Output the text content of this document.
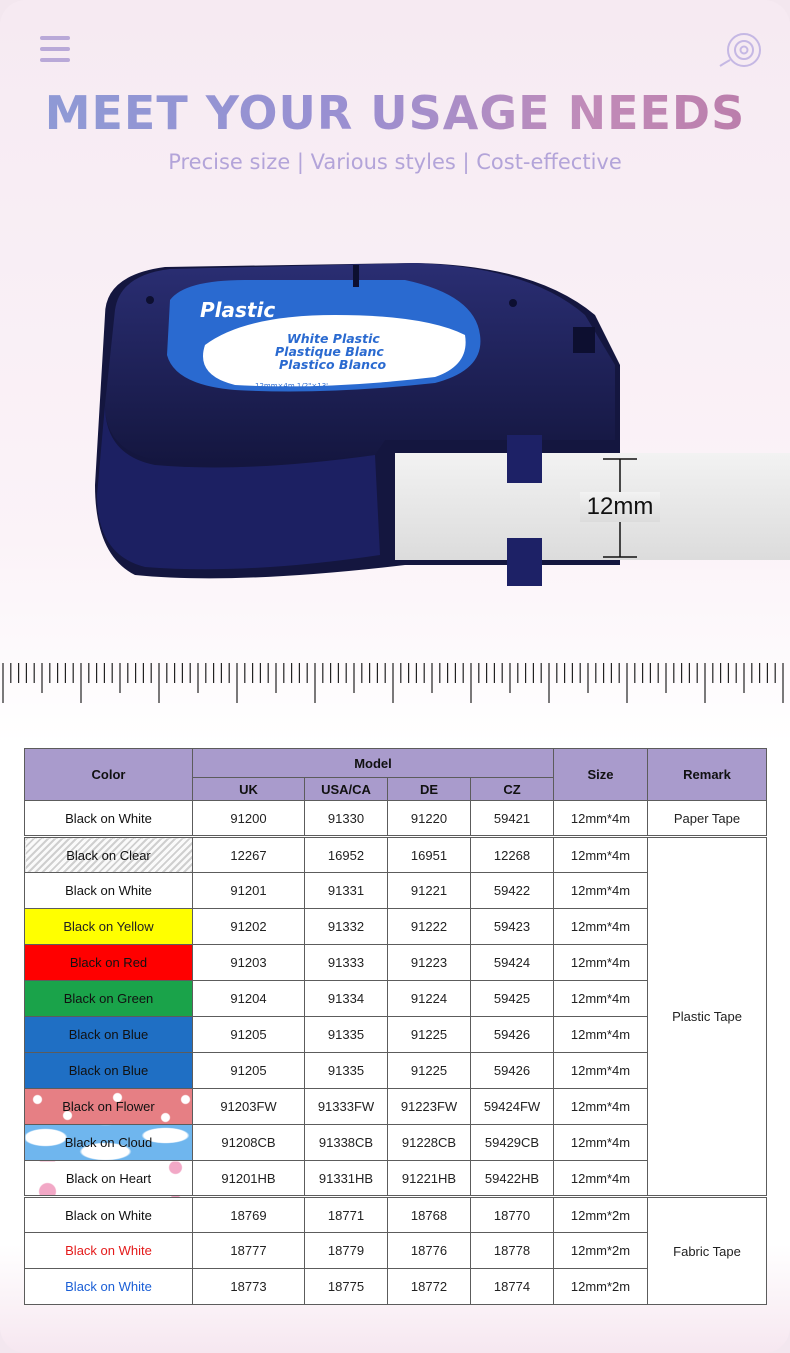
MEET YOUR USAGE NEEDS
Precise size | Various styles | Cost-effective
Plastic
White Plastic
Plastique Blanc
Plastico Blanco
12mm×4m 1/2"×13'
12mm
Color	Model				Size	Remark
	UK	USA/CA	DE	CZ		
Black on White	91200	91330	91220	59421	12mm*4m	Paper Tape
Black on Clear	12267	16952	16951	12268	12mm*4m	Plastic Tape
Black on White	91201	91331	91221	59422	12mm*4m	
Black on Yellow	91202	91332	91222	59423	12mm*4m	
Black on Red	91203	91333	91223	59424	12mm*4m	
Black on Green	91204	91334	91224	59425	12mm*4m	
Black on Blue	91205	91335	91225	59426	12mm*4m	
Black on Blue	91205	91335	91225	59426	12mm*4m	
Black on Flower	91203FW	91333FW	91223FW	59424FW	12mm*4m	
Black on Cloud	91208CB	91338CB	91228CB	59429CB	12mm*4m	
Black on Heart	91201HB	91331HB	91221HB	59422HB	12mm*4m	
Black on White	18769	18771	18768	18770	12mm*2m	Fabric Tape
Black on White	18777	18779	18776	18778	12mm*2m	
Black on White	18773	18775	18772	18774	12mm*2m	
